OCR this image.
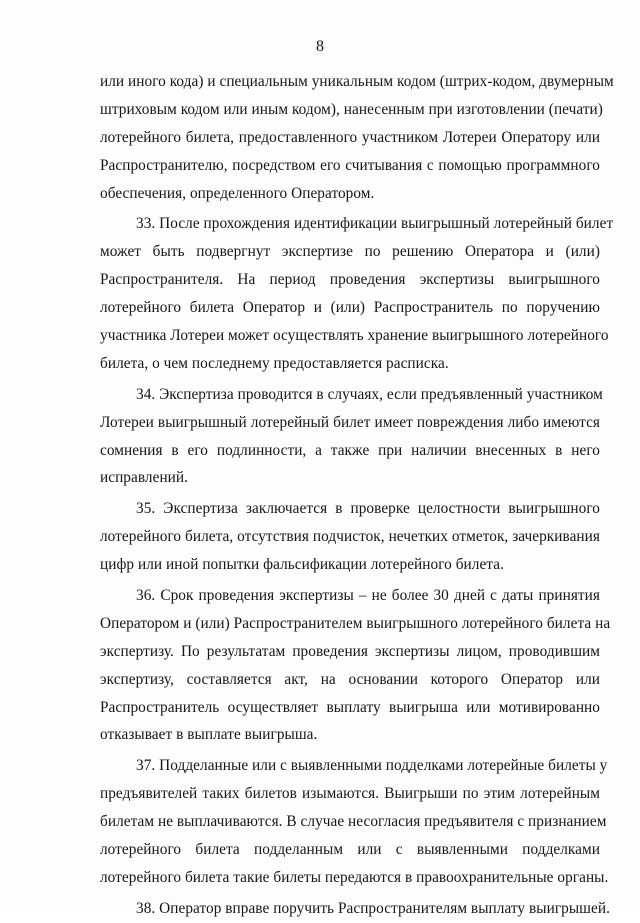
8
или иного кода) и специальным уникальным кодом (штрих-кодом, двумерным
штриховым кодом или иным кодом), нанесенным при изготовлении (печати)
лотерейного билета, предоставленного участником Лотереи Оператору или
Распространителю, посредством его считывания с помощью программного
обеспечения, определенного Оператором.
33. После прохождения идентификации выигрышный лотерейный билет
может быть подвергнут экспертизе по решению Оператора и (или)
Распространителя. На период проведения экспертизы выигрышного
лотерейного билета Оператор и (или) Распространитель по поручению
участника Лотереи может осуществлять хранение выигрышного лотерейного
билета, о чем последнему предоставляется расписка.
34. Экспертиза проводится в случаях, если предъявленный участником
Лотереи выигрышный лотерейный билет имеет повреждения либо имеются
сомнения в его подлинности, а также при наличии внесенных в него
исправлений.
35. Экспертиза заключается в проверке целостности выигрышного
лотерейного билета, отсутствия подчисток, нечетких отметок, зачеркивания
цифр или иной попытки фальсификации лотерейного билета.
36. Срок проведения экспертизы – не более 30 дней с даты принятия
Оператором и (или) Распространителем выигрышного лотерейного билета на
экспертизу. По результатам проведения экспертизы лицом, проводившим
экспертизу, составляется акт, на основании которого Оператор или
Распространитель осуществляет выплату выигрыша или мотивированно
отказывает в выплате выигрыша.
37. Подделанные или с выявленными подделками лотерейные билеты у
предъявителей таких билетов изымаются. Выигрыши по этим лотерейным
билетам не выплачиваются. В случае несогласия предъявителя с признанием
лотерейного билета подделанным или с выявленными подделками
лотерейного билета такие билеты передаются в правоохранительные органы.
38. Оператор вправе поручить Распространителям выплату выигрышей.
